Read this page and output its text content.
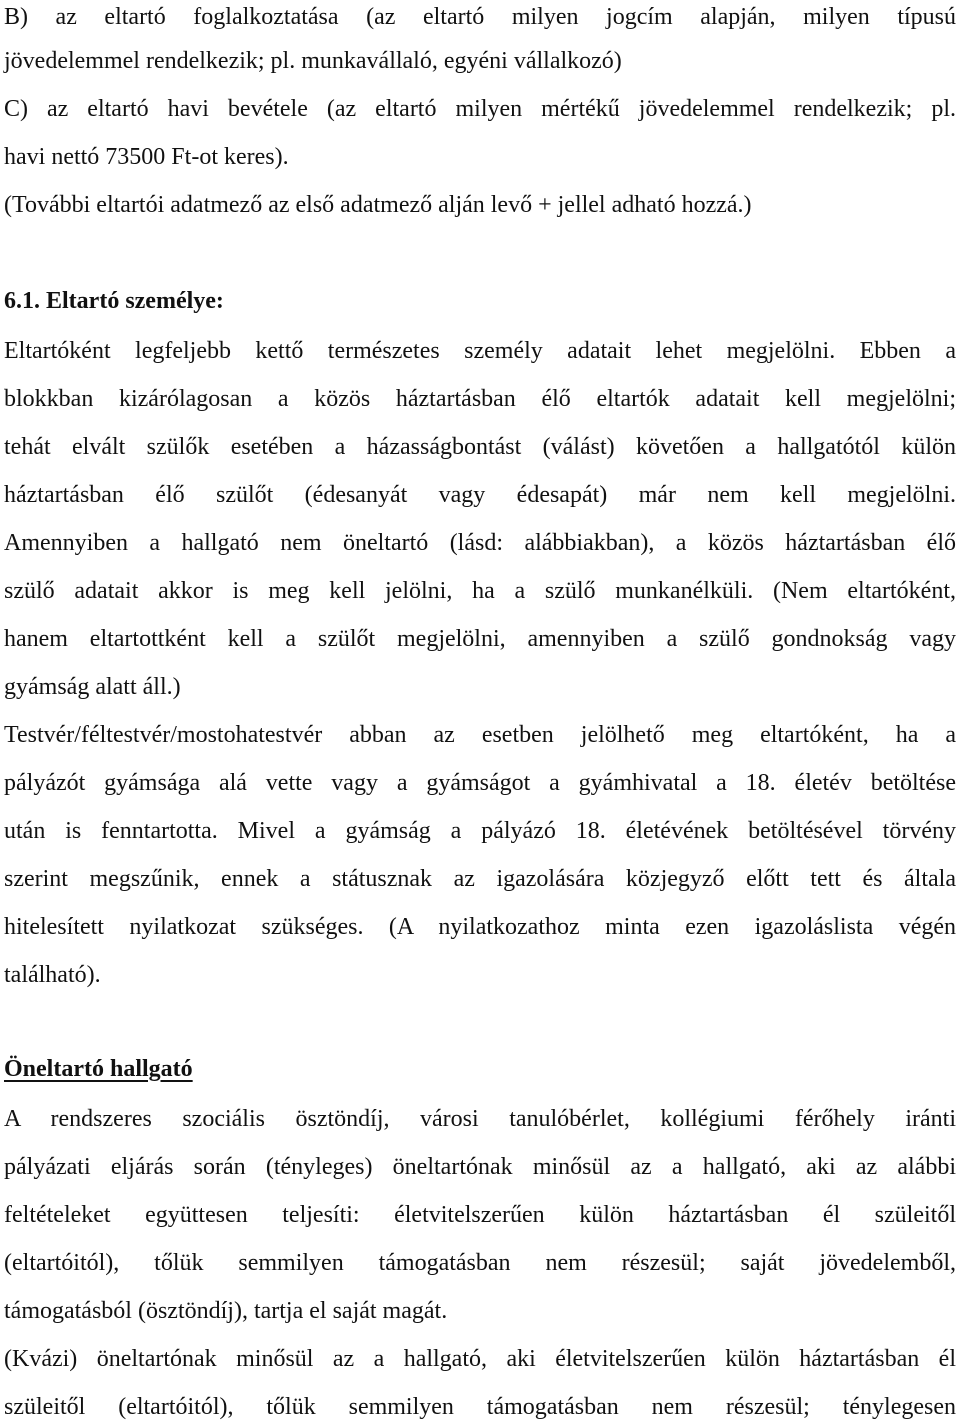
B) az eltartó foglalkoztatása (az eltartó milyen jogcím alapján, milyen típusú
jövedelemmel rendelkezik; pl. munkavállaló, egyéni vállalkozó)
C) az eltartó havi bevétele (az eltartó milyen mértékű jövedelemmel rendelkezik; pl.
havi nettó 73500 Ft-ot keres).
(További eltartói adatmező az első adatmező alján levő + jellel adható hozzá.)
6.1. Eltartó személye:
Eltartóként legfeljebb kettő természetes személy adatait lehet megjelölni. Ebben a
blokkban kizárólagosan a közös háztartásban élő eltartók adatait kell megjelölni;
tehát elvált szülők esetében a házasságbontást (válást) követően a hallgatótól külön
háztartásban élő szülőt (édesanyát vagy édesapát) már nem kell megjelölni.
Amennyiben a hallgató nem öneltartó (lásd: alábbiakban), a közös háztartásban élő
szülő adatait akkor is meg kell jelölni, ha a szülő munkanélküli. (Nem eltartóként,
hanem eltartottként kell a szülőt megjelölni, amennyiben a szülő gondnokság vagy
gyámság alatt áll.)
Testvér/féltestvér/mostohatestvér abban az esetben jelölhető meg eltartóként, ha a
pályázót gyámsága alá vette vagy a gyámságot a gyámhivatal a 18. életév betöltése
után is fenntartotta. Mivel a gyámság a pályázó 18. életévének betöltésével törvény
szerint megszűnik, ennek a státusznak az igazolására közjegyző előtt tett és általa
hitelesített nyilatkozat szükséges. (A nyilatkozathoz minta ezen igazoláslista végén
található).
Öneltartó hallgató
A rendszeres szociális ösztöndíj, városi tanulóbérlet, kollégiumi férőhely iránti
pályázati eljárás során (tényleges) öneltartónak minősül az a hallgató, aki az alábbi
feltételeket együttesen teljesíti: életvitelszerűen külön háztartásban él szüleitől
(eltartóitól), tőlük semmilyen támogatásban nem részesül; saját jövedelemből,
támogatásból (ösztöndíj), tartja el saját magát.
(Kvázi) öneltartónak minősül az a hallgató, aki életvitelszerűen külön háztartásban él
szüleitől (eltartóitól), tőlük semmilyen támogatásban nem részesül; ténylegesen
